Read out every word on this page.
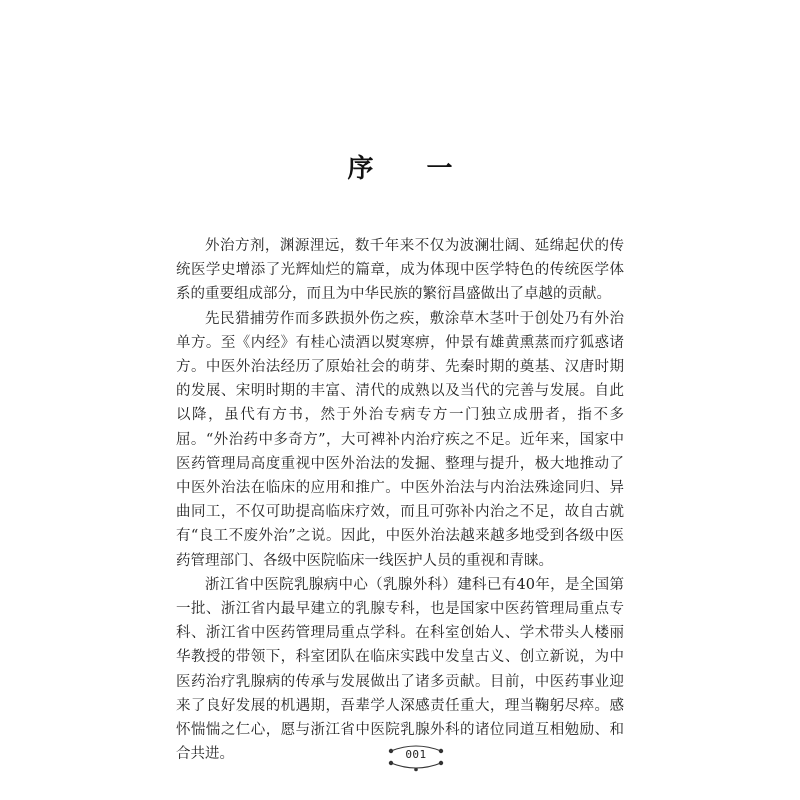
序 一

外治方剂，渊源浬远，数千年来不仅为波澜壮阔、延绵起伏的传统医学史增添了光辉灿烂的篇章，成为体现中医学特色的传统医学体系的重要组成部分，而且为中华民族的繁衍昌盛做出了卓越的贡献。

先民猎捕劳作而多跌损外伤之疾，敷涂草木茎叶于创处乃有外治单方。至《内经》有桂心渍酒以熨寒痹，仲景有雄黄熏蒸而疗狐惑诸方。中医外治法经历了原始社会的萌芽、先秦时期的奠基、汉唐时期的发展、宋明时期的丰富、清代的成熟以及当代的完善与发展。自此以降，虽代有方书，然于外治专病专方一门独立成册者，指不多屈。“外治药中多奇方”，大可裨补内治疗疾之不足。近年来，国家中医药管理局高度重视中医外治法的发掘、整理与提升，极大地推动了中医外治法在临床的应用和推广。中医外治法与内治法殊途同归、异曲同工，不仅可助提高临床疗效，而且可弥补内治之不足，故自古就有“良工不废外治”之说。因此，中医外治法越来越多地受到各级中医药管理部门、各级中医院临床一线医护人员的重视和青睐。

浙江省中医院乳腺病中心（乳腺外科）建科已有40年，是全国第一批、浙江省内最早建立的乳腺专科，也是国家中医药管理局重点专科、浙江省中医药管理局重点学科。在科室创始人、学术带头人楼丽华教授的带领下，科室团队在临床实践中发皇古义、创立新说，为中医药治疗乳腺病的传承与发展做出了诸多贡献。目前，中医药事业迎来了良好发展的机遇期，吾辈学人深感责任重大，理当鞠躬尽瘁。感怀惴惴之仁心，愿与浙江省中医院乳腺外科的诸位同道互相勉励、和合共进。	001
